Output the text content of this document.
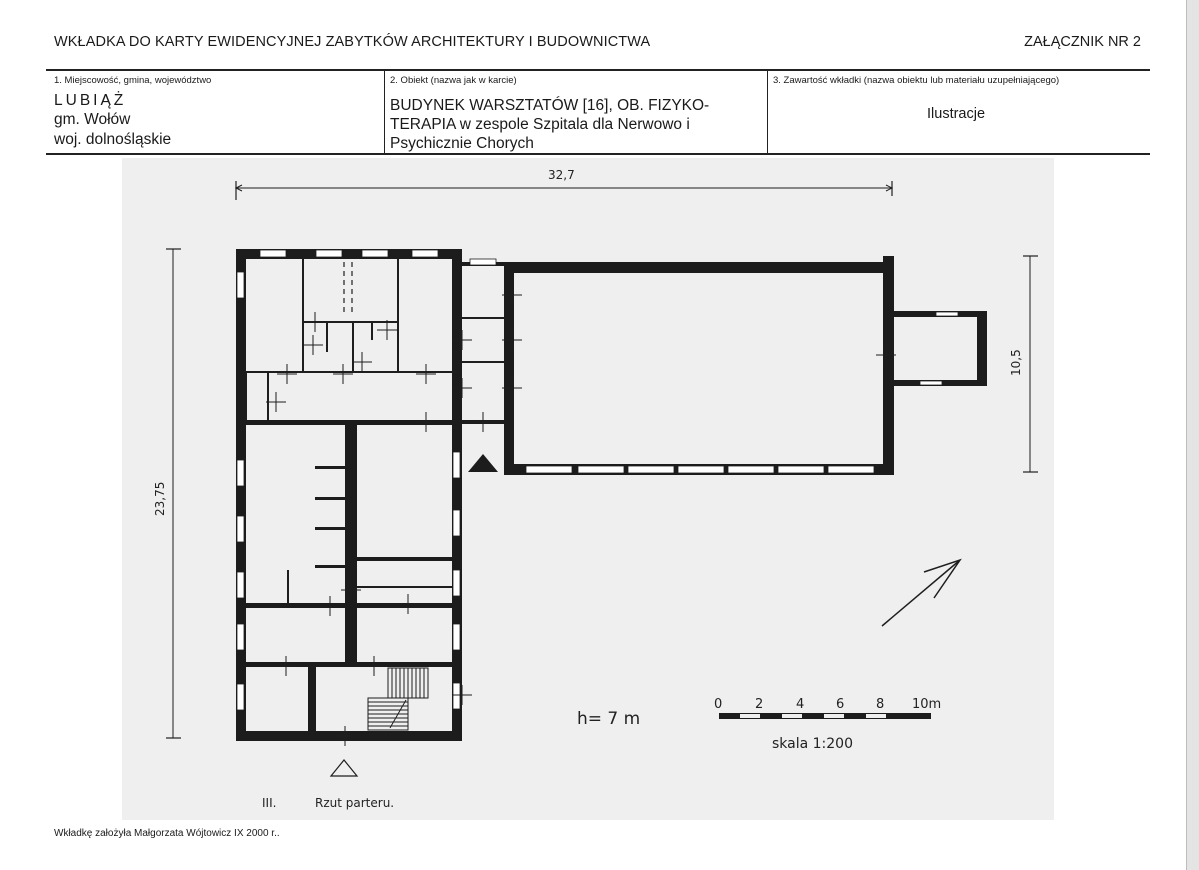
WKŁADKA DO KARTY EWIDENCYJNEJ ZABYTKÓW ARCHITEKTURY I BUDOWNICTWA	ZAŁĄCZNIK NR 2
1. Miejscowość, gmina, województwo
LUBIĄŻ
gm. Wołów
woj. dolnośląskie
2. Obiekt (nazwa jak w karcie)
BUDYNEK WARSZTATÓW [16], OB. FIZYKO-
TERAPIA w zespole Szpitala dla Nerwowo i
Psychicznie Chorych
3. Zawartość wkładki (nazwa obiektu lub materiału uzupełniającego)
Ilustracje
32,7
23,75
10,5
h= 7 m
0	2	4 6 8 10m
skala 1:200
III.	Rzut parteru.
Wkładkę założyła Małgorzata Wójtowicz IX 2000 r..
